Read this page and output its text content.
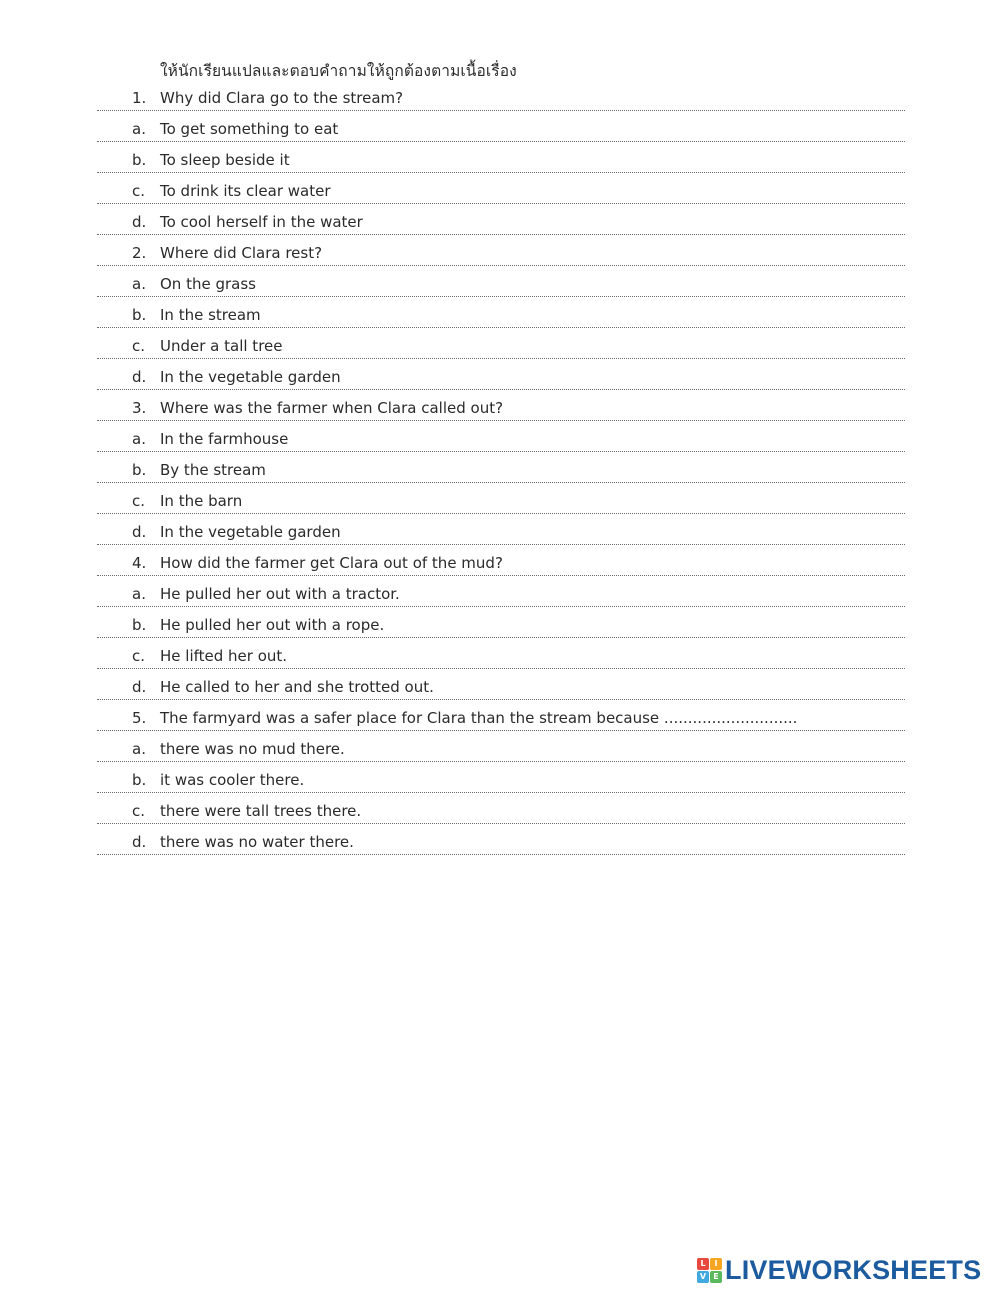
ให้นักเรียนแปลและตอบคำถามให้ถูกต้องตามเนื้อเรื่อง
1. Why did Clara go to the stream?
a. To get something to eat
b. To sleep beside it
c. To drink its clear water
d. To cool herself in the water
2. Where did Clara rest?
a. On the grass
b. In the stream
c. Under a tall tree
d. In the vegetable garden
3. Where was the farmer when Clara called out?
a. In the farmhouse
b. By the stream
c. In the barn
d. In the vegetable garden
4. How did the farmer get Clara out of the mud?
a. He pulled her out with a tractor.
b. He pulled her out with a rope.
c. He lifted her out.
d. He called to her and she trotted out.
5. The farmyard was a safer place for Clara than the stream because ............................
a. there was no mud there.
b. it was cooler there.
c. there were tall trees there.
d. there was no water there.
L	I
V E LIVEWORKSHEETS
